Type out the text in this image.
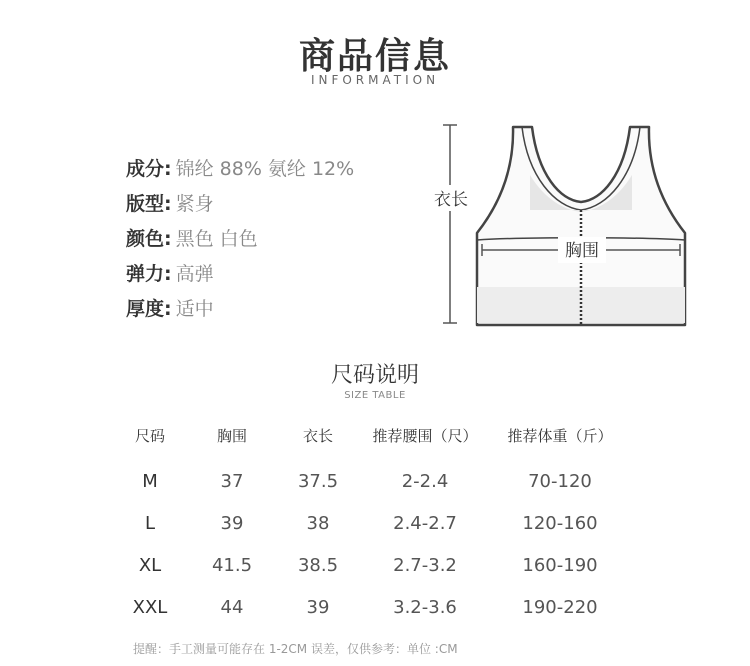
商品信息
INFORMATION
成分: 锦纶 88% 氨纶 12%
版型: 紧身
颜色: 黑色 白色
弹力: 高弹
厚度: 适中
衣长
胸围
尺码说明
SIZE TABLE
尺码	胸围	衣长	推荐腰围（尺）	推荐体重（斤）
M	37	37.5	2-2.4	70-120
L	39	38	2.4-2.7	120-160
XL	41.5	38.5	2.7-3.2	160-190
XXL	44	39	3.2-3.6	190-220
提醒：手工测量可能存在 1-2CM 误差，仅供参考：单位 :CM
